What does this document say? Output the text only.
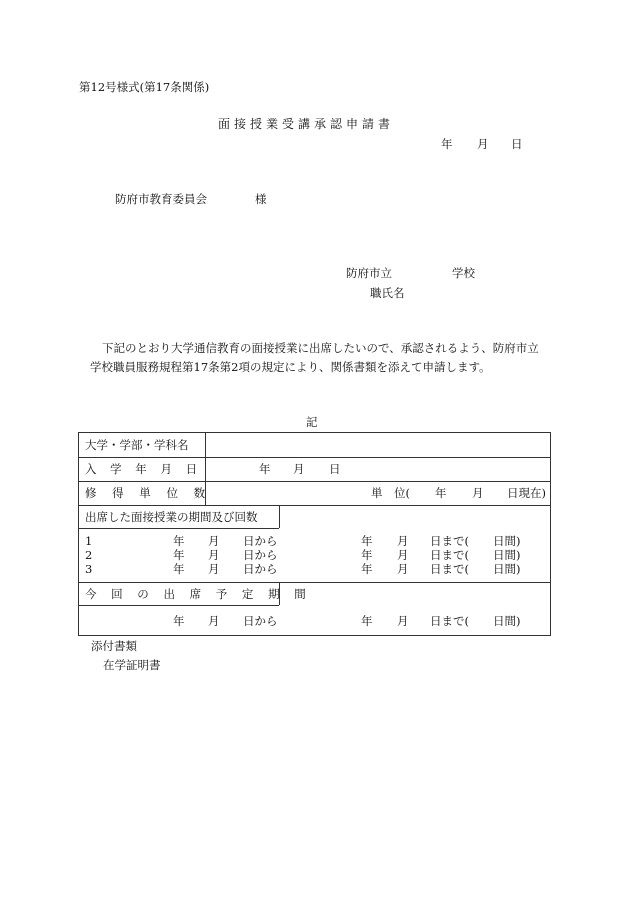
第12号様式(第17条関係)
面接授業受講承認申請書
年 月 日
防府市教育委員会	様
防府市立	学校
職氏名
下記のとおり大学通信教育の面接授業に出席したいので、承認されるよう、防府市立
学校職員服務規程第17条第2項の規定により、関係書類を添えて申請します。
記
大学・学部・学科名
入 学 年 月 日	年 月 日
修 得 単 位 数	単　位( 年 月 日現在)
出席した面接授業の期間及び回数
1	年 月 日から	年 月 日まで( 日間)
2	年 月 日から	年 月 日まで( 日間)
3	年 月 日から	年 月 日まで( 日間)
今 回 の 出 席 予 定 期 間
年 月 日から	年 月 日まで( 日間)
添付書類
在学証明書
